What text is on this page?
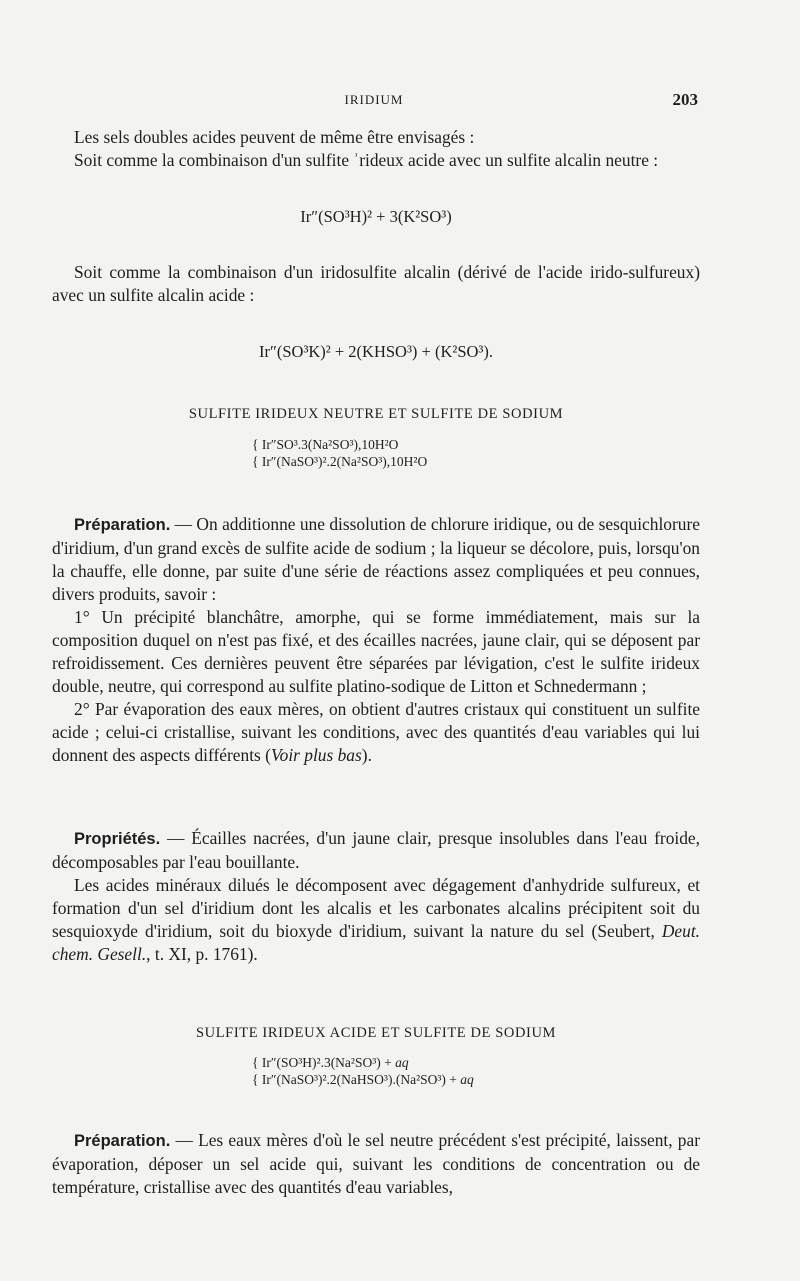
IRIDIUM	203

Les sels doubles acides peuvent de même être envisagés :

Soit comme la combinaison d'un sulfite ʾrideux acide avec un sulfite alcalin neutre :

Ir″(SO³H)² + 3(K²SO³)

Soit comme la combinaison d'un iridosulfite alcalin (dérivé de l'acide irido-sulfureux) avec un sulfite alcalin acide :

Ir″(SO³K)² + 2(KHSO³) + (K²SO³).
SULFITE IRIDEUX NEUTRE ET SULFITE DE SODIUM
{ Ir″SO³.3(Na²SO³),10H²O
{ Ir″(NaSO³)².2(Na²SO³),10H²O

Préparation. — On additionne une dissolution de chlorure iridique, ou de sesquichlorure d'iridium, d'un grand excès de sulfite acide de sodium ; la liqueur se décolore, puis, lorsqu'on la chauffe, elle donne, par suite d'une série de réactions assez compliquées et peu connues, divers produits, savoir :

1° Un précipité blanchâtre, amorphe, qui se forme immédiatement, mais sur la composition duquel on n'est pas fixé, et des écailles nacrées, jaune clair, qui se déposent par refroidissement. Ces dernières peuvent être séparées par lévigation, c'est le sulfite irideux double, neutre, qui correspond au sulfite platino-sodique de Litton et Schnedermann ;

2° Par évaporation des eaux mères, on obtient d'autres cristaux qui constituent un sulfite acide ; celui-ci cristallise, suivant les conditions, avec des quantités d'eau variables qui lui donnent des aspects différents (Voir plus bas).

Propriétés. — Écailles nacrées, d'un jaune clair, presque insolubles dans l'eau froide, décomposables par l'eau bouillante.

Les acides minéraux dilués le décomposent avec dégagement d'anhydride sulfureux, et formation d'un sel d'iridium dont les alcalis et les carbonates alcalins précipitent soit du sesquioxyde d'iridium, soit du bioxyde d'iridium, suivant la nature du sel (Seubert, Deut. chem. Gesell., t. XI, p. 1761).

SULFITE IRIDEUX ACIDE ET SULFITE DE SODIUM
{ Ir″(SO³H)².3(Na²SO³) + aq
{ Ir″(NaSO³)².2(NaHSO³).(Na²SO³) + aq

Préparation. — Les eaux mères d'où le sel neutre précédent s'est précipité, laissent, par évaporation, déposer un sel acide qui, suivant les conditions de concentration ou de température, cristallise avec des quantités d'eau variables,
